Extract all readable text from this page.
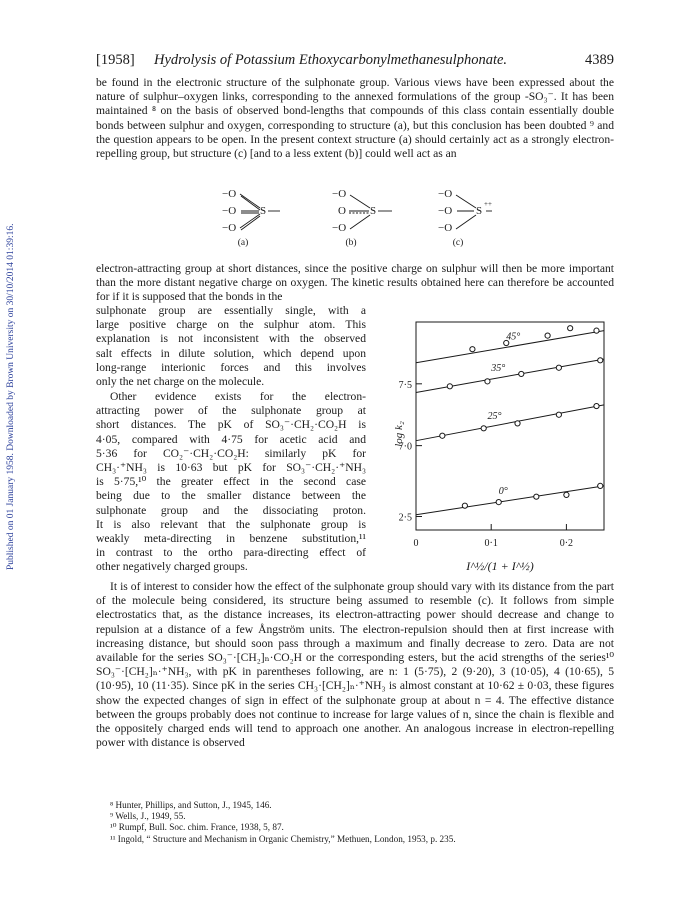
Published on 01 January 1958. Downloaded by Brown University on 30/10/2014 01:39:16.
[1958]	Hydrolysis of Potassium Ethoxycarbonylmethanesulphonate.	4389

be found in the electronic structure of the sulphonate group. Various views have been expressed about the nature of sulphur–oxygen links, corresponding to the annexed formulations of the group -SO₃⁻. It has been maintained ⁸ on the basis of observed bond-lengths that compounds of this class contain essentially double bonds between sulphur and oxygen, corresponding to structure (a), but this conclusion has been doubted ⁹ and the question appears to be open. In the present context structure (a) should certainly act as a strongly electron-repelling group, but structure (c) [and to a less extent (b)] could well act as an

−O
−O
−O
S
(a)
−O
O
−O
S
(b)
−O
−O
−O
S
++
(c)

electron-attracting group at short distances, since the positive charge on sulphur will then be more important than the more distant negative charge on oxygen. The kinetic results obtained here can therefore be accounted for if it is supposed that the bonds in the

sulphonate group are essentially single, with a
large positive charge on the sulphur atom. This
explanation is not inconsistent with the observed
salt effects in dilute solution, which depend upon
long-range interionic forces and this involves
only the net charge on the molecule.
Other evidence exists for the electron-
attracting power of the sulphonate group at
short distances. The pK of SO₃⁻·CH₂·CO₂H is
4·05, compared with 4·75 for acetic acid and
5·36 for CO₂⁻·CH₂·CO₂H: similarly pK for
CH₃·⁺NH₃ is 10·63 but pK for SO₃⁻·CH₂·⁺NH₃
is 5·75,¹⁰ the greater effect in the second case
being due to the smaller distance between the
sulphonate group and the dissociating proton.
It is also relevant that the sulphonate group is
weakly meta-directing in benzene substitution,¹¹
in contrast to the ortho para-directing effect of
other negatively charged groups.
2·5
7·0
7·5
0	0·1	0·2
45°
35°
25°
0°
log k₂
I^½/(1 + I^½)

It is of interest to consider how the effect of the sulphonate group should vary with its distance from the part of the molecule being considered, its structure being assumed to resemble (c). It follows from simple electrostatics that, as the distance increases, its electron-attracting power should decrease and change to repulsion at a distance of a few Ångström units. The electron-repulsion should then at first increase with increasing distance, but should soon pass through a maximum and finally decrease to zero. Data are not available for the series SO₃⁻·[CH₂]ₙ·CO₂H or the corresponding esters, but the acid strengths of the series¹⁰ SO₃⁻·[CH₂]ₙ·⁺NH₃, with pK in parentheses following, are n: 1 (5·75), 2 (9·20), 3 (10·05), 4 (10·65), 5 (10·95), 10 (11·35). Since pK in the series CH₃·[CH₂]ₙ·⁺NH₃ is almost constant at 10·62 ± 0·03, these figures show the expected changes of sign in effect of the sulphonate group at about n = 4. The effective distance between the groups probably does not continue to increase for large values of n, since the chain is flexible and the oppositely charged ends will tend to approach one another. An analogous increase in electron-repelling power with distance is observed

⁸ Hunter, Phillips, and Sutton, J., 1945, 146.
⁹ Wells, J., 1949, 55.
¹⁰ Rumpf, Bull. Soc. chim. France, 1938, 5, 87.
¹¹ Ingold, “ Structure and Mechanism in Organic Chemistry,” Methuen, London, 1953, p. 235.
